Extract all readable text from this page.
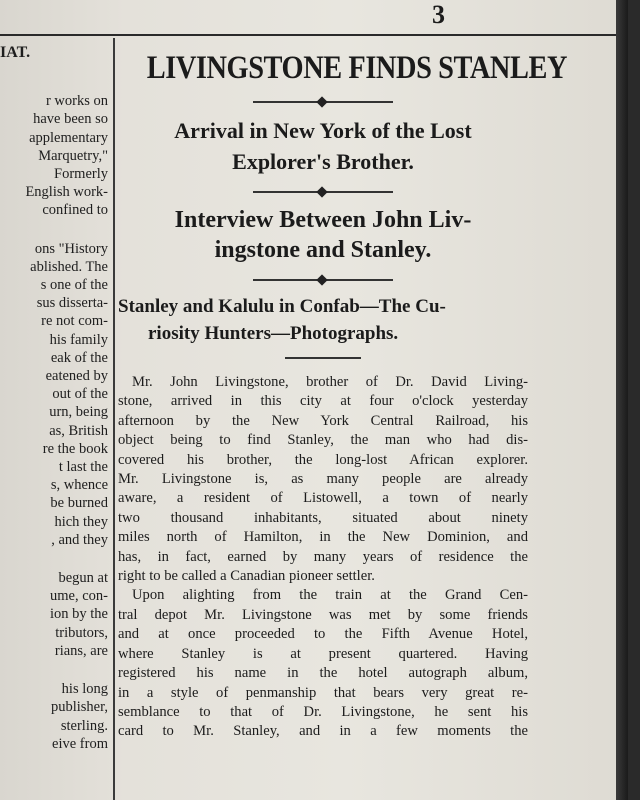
3
IAT.
r works on
have been so
applementary
Marquetry,"
Formerly
English work-
confined to
ons "History
ablished. The
s one of the
sus disserta-
re not com-
his family
eak of the
eatened by
out of the
urn, being
as, British
re the book
t last the
s, whence
be burned
hich they
, and they
begun at
ume, con-
ion by the
tributors,
rians, are
his long
publisher,
sterling.
eive from
LIVINGSTONE FINDS STANLEY
Arrival in New York of the Lost
Explorer's Brother.
Interview Between John Liv-
ingstone and Stanley.
Stanley and Kalulu in Confab—The Cu-
riosity Hunters—Photographs.
Mr. John Livingstone, brother of Dr. David Living-
stone, arrived in this city at four o'clock yesterday
afternoon by the New York Central Railroad, his
object being to find Stanley, the man who had dis-
covered his brother, the long-lost African explorer.
Mr. Livingstone is, as many people are already
aware, a resident of Listowell, a town of nearly
two thousand inhabitants, situated about ninety
miles north of Hamilton, in the New Dominion, and
has, in fact, earned by many years of residence the
right to be called a Canadian pioneer settler.
Upon alighting from the train at the Grand Cen-
tral depot Mr. Livingstone was met by some friends
and at once proceeded to the Fifth Avenue Hotel,
where Stanley is at present quartered. Having
registered his name in the hotel autograph album,
in a style of penmanship that bears very great re-
semblance to that of Dr. Livingstone, he sent his
card to Mr. Stanley, and in a few moments the
